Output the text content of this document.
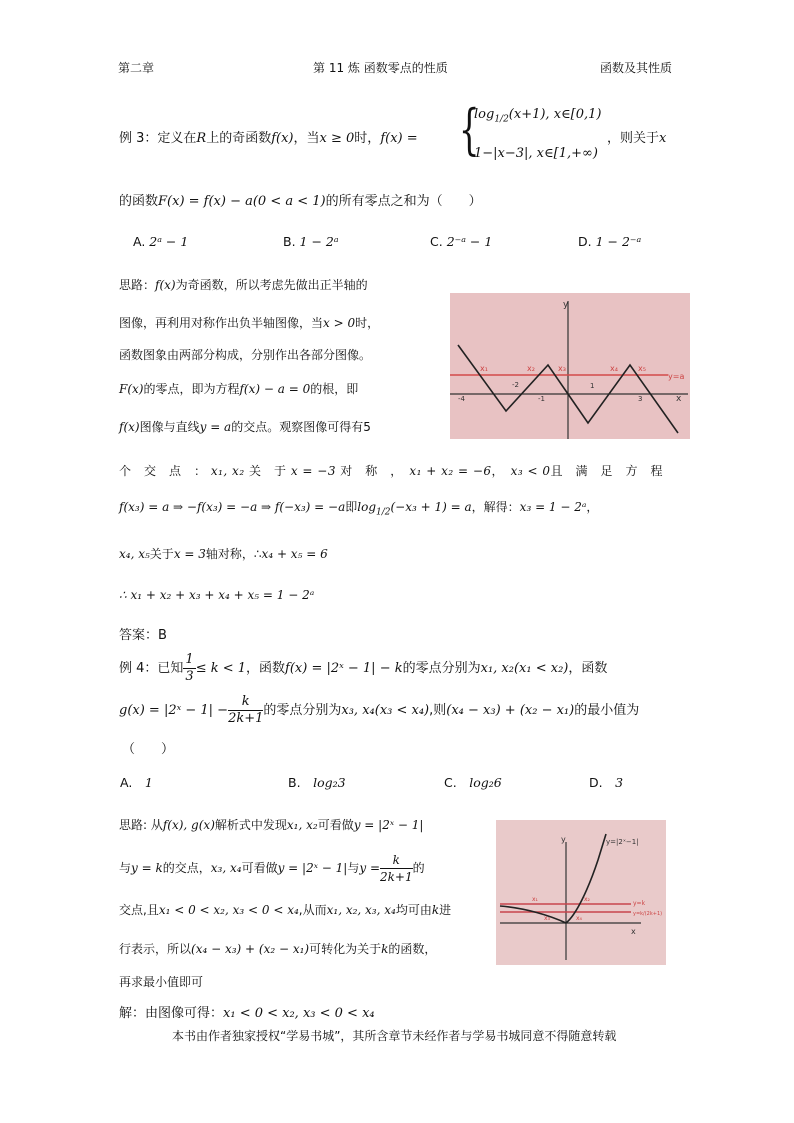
第二章	第 11 炼 函数零点的性质	函数及其性质
例 3：定义在R上的奇函数f(x)，当x ≥ 0时，f(x) = {
$\log_{1/2}(x+1)$, x∈[0,1)
1−|x−3|, x∈[1,+∞)
，则关于x
的函数F(x) = f(x) − a(0 < a < 1)的所有零点之和为（　　）
A. 2ᵃ − 1	B. 1 − 2ᵃ	C. 2⁻ᵃ − 1	D. 1 − 2⁻ᵃ
思路：f(x)为奇函数，所以考虑先做出正半轴的
图像，再利用对称作出负半轴图像，当x > 0时，
函数图象由两部分构成，分别作出各部分图像。
F(x)的零点，即为方程f(x) − a = 0的根，即
f(x)图像与直线y = a的交点。观察图像可得有5
y
x
x₁	x₂	x₃	x₄	x₅
y=a
-4	-1
-2	1
3
个　交　点　： x₁, x₂ 关　于 x = −3 对　称　，　 x₁ + x₂ = −6，　 x₃ < 0且　满　足　方　程
f(x₃) = a ⇒ −f(x₃) = −a ⇒ f(−x₃) = −a即$\log_{1/2}(-x_3 + 1) = a$，解得：x₃ = 1 − 2ᵃ，
x₄, x₅关于x = 3轴对称，∴x₄ + x₅ = 6
∴ x₁ + x₂ + x₃ + x₄ + x₅ = 1 − 2ᵃ
答案：B
例 4：已知 $\frac{1}{3} \le k < 1$，函数f(x) = |2ˣ − 1| − k的零点分别为x₁, x₂(x₁ < x₂)，函数
g(x) = |2ˣ − $1| - \frac{k}{2k+1}$ 的零点分别为x₃, x₄(x₃ < x₄),则(x₄ − x₃) + (x₂ − x₁)的最小值为
（　　）
A.　 1	B.　 log₂3	C.　 log₂6	D.　 3
思路: 从f(x), g(x)解析式中发现x₁, x₂可看做y = |2ˣ − 1|
与y = k的交点，x₃, x₄可看做y = |2ˣ − 1|与$y = \frac{k}{2k+1}$ 的
交点,且x₁ < 0 < x₂, x₃ < 0 < x₄,从而x₁, x₂, x₃, x₄均可由k进
行表示，所以(x₄ − x₃) + (x₂ − x₁)可转化为关于k的函数，
再求最小值即可
y
x
y=|2ˣ−1|
x₁	x₂
x₃	x₄
y=k
y=k/(2k+1)
解：由图像可得：x₁ < 0 < x₂, x₃ < 0 < x₄
本书由作者独家授权“学易书城”，其所含章节未经作者与学易书城同意不得随意转载
